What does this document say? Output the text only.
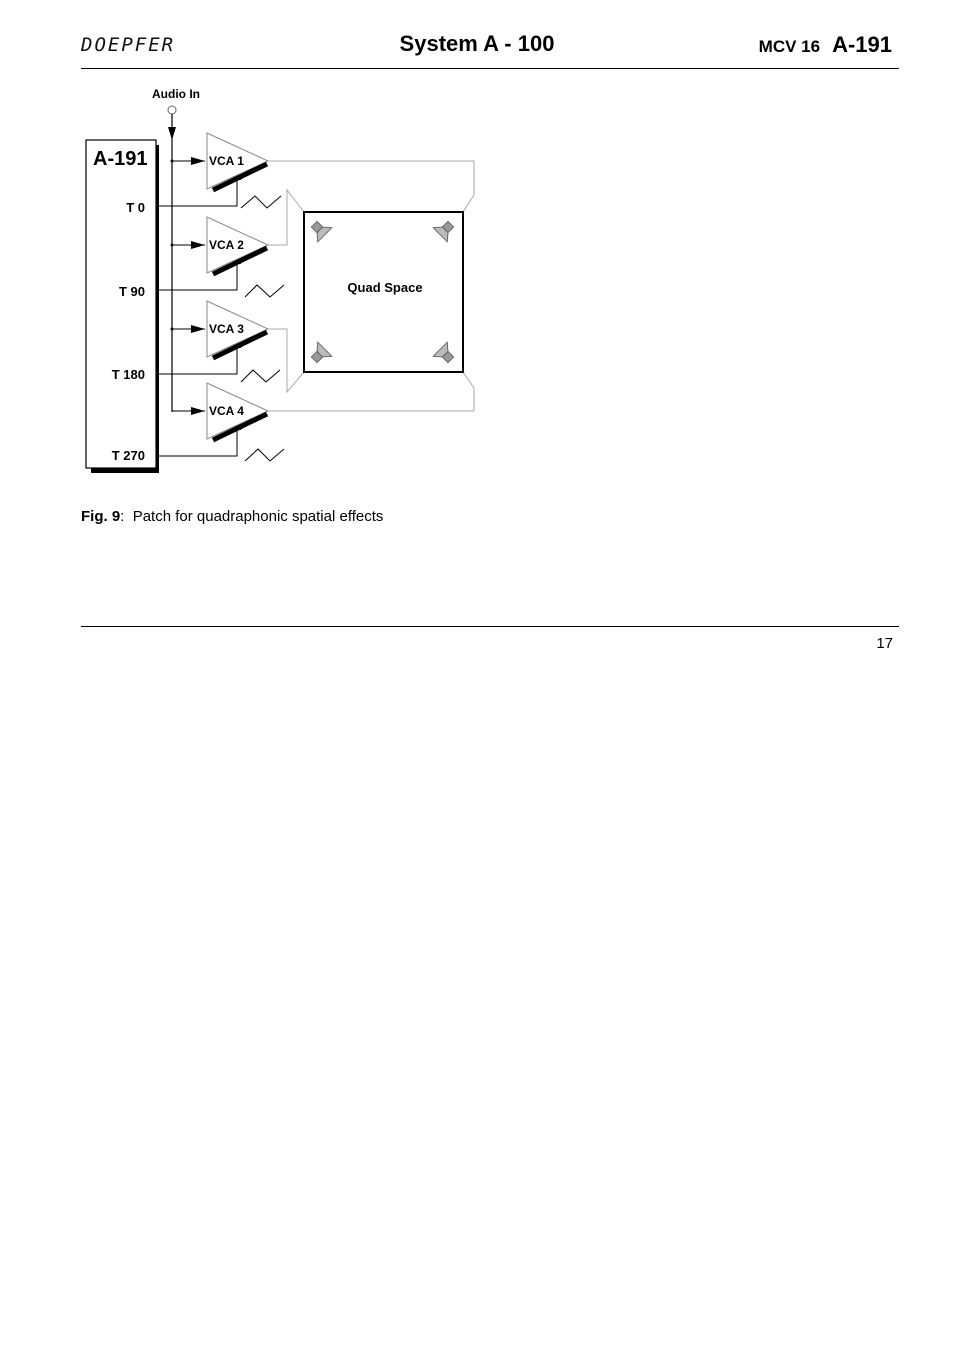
DOEPFER	System A - 100	MCV 16 A-191
Audio In
A-191
T 0
T 90
T 180
T 270
VCA 1
VCA 2
VCA 3
VCA 4
Quad Space
Fig. 9: Patch for quadraphonic spatial effects
17
